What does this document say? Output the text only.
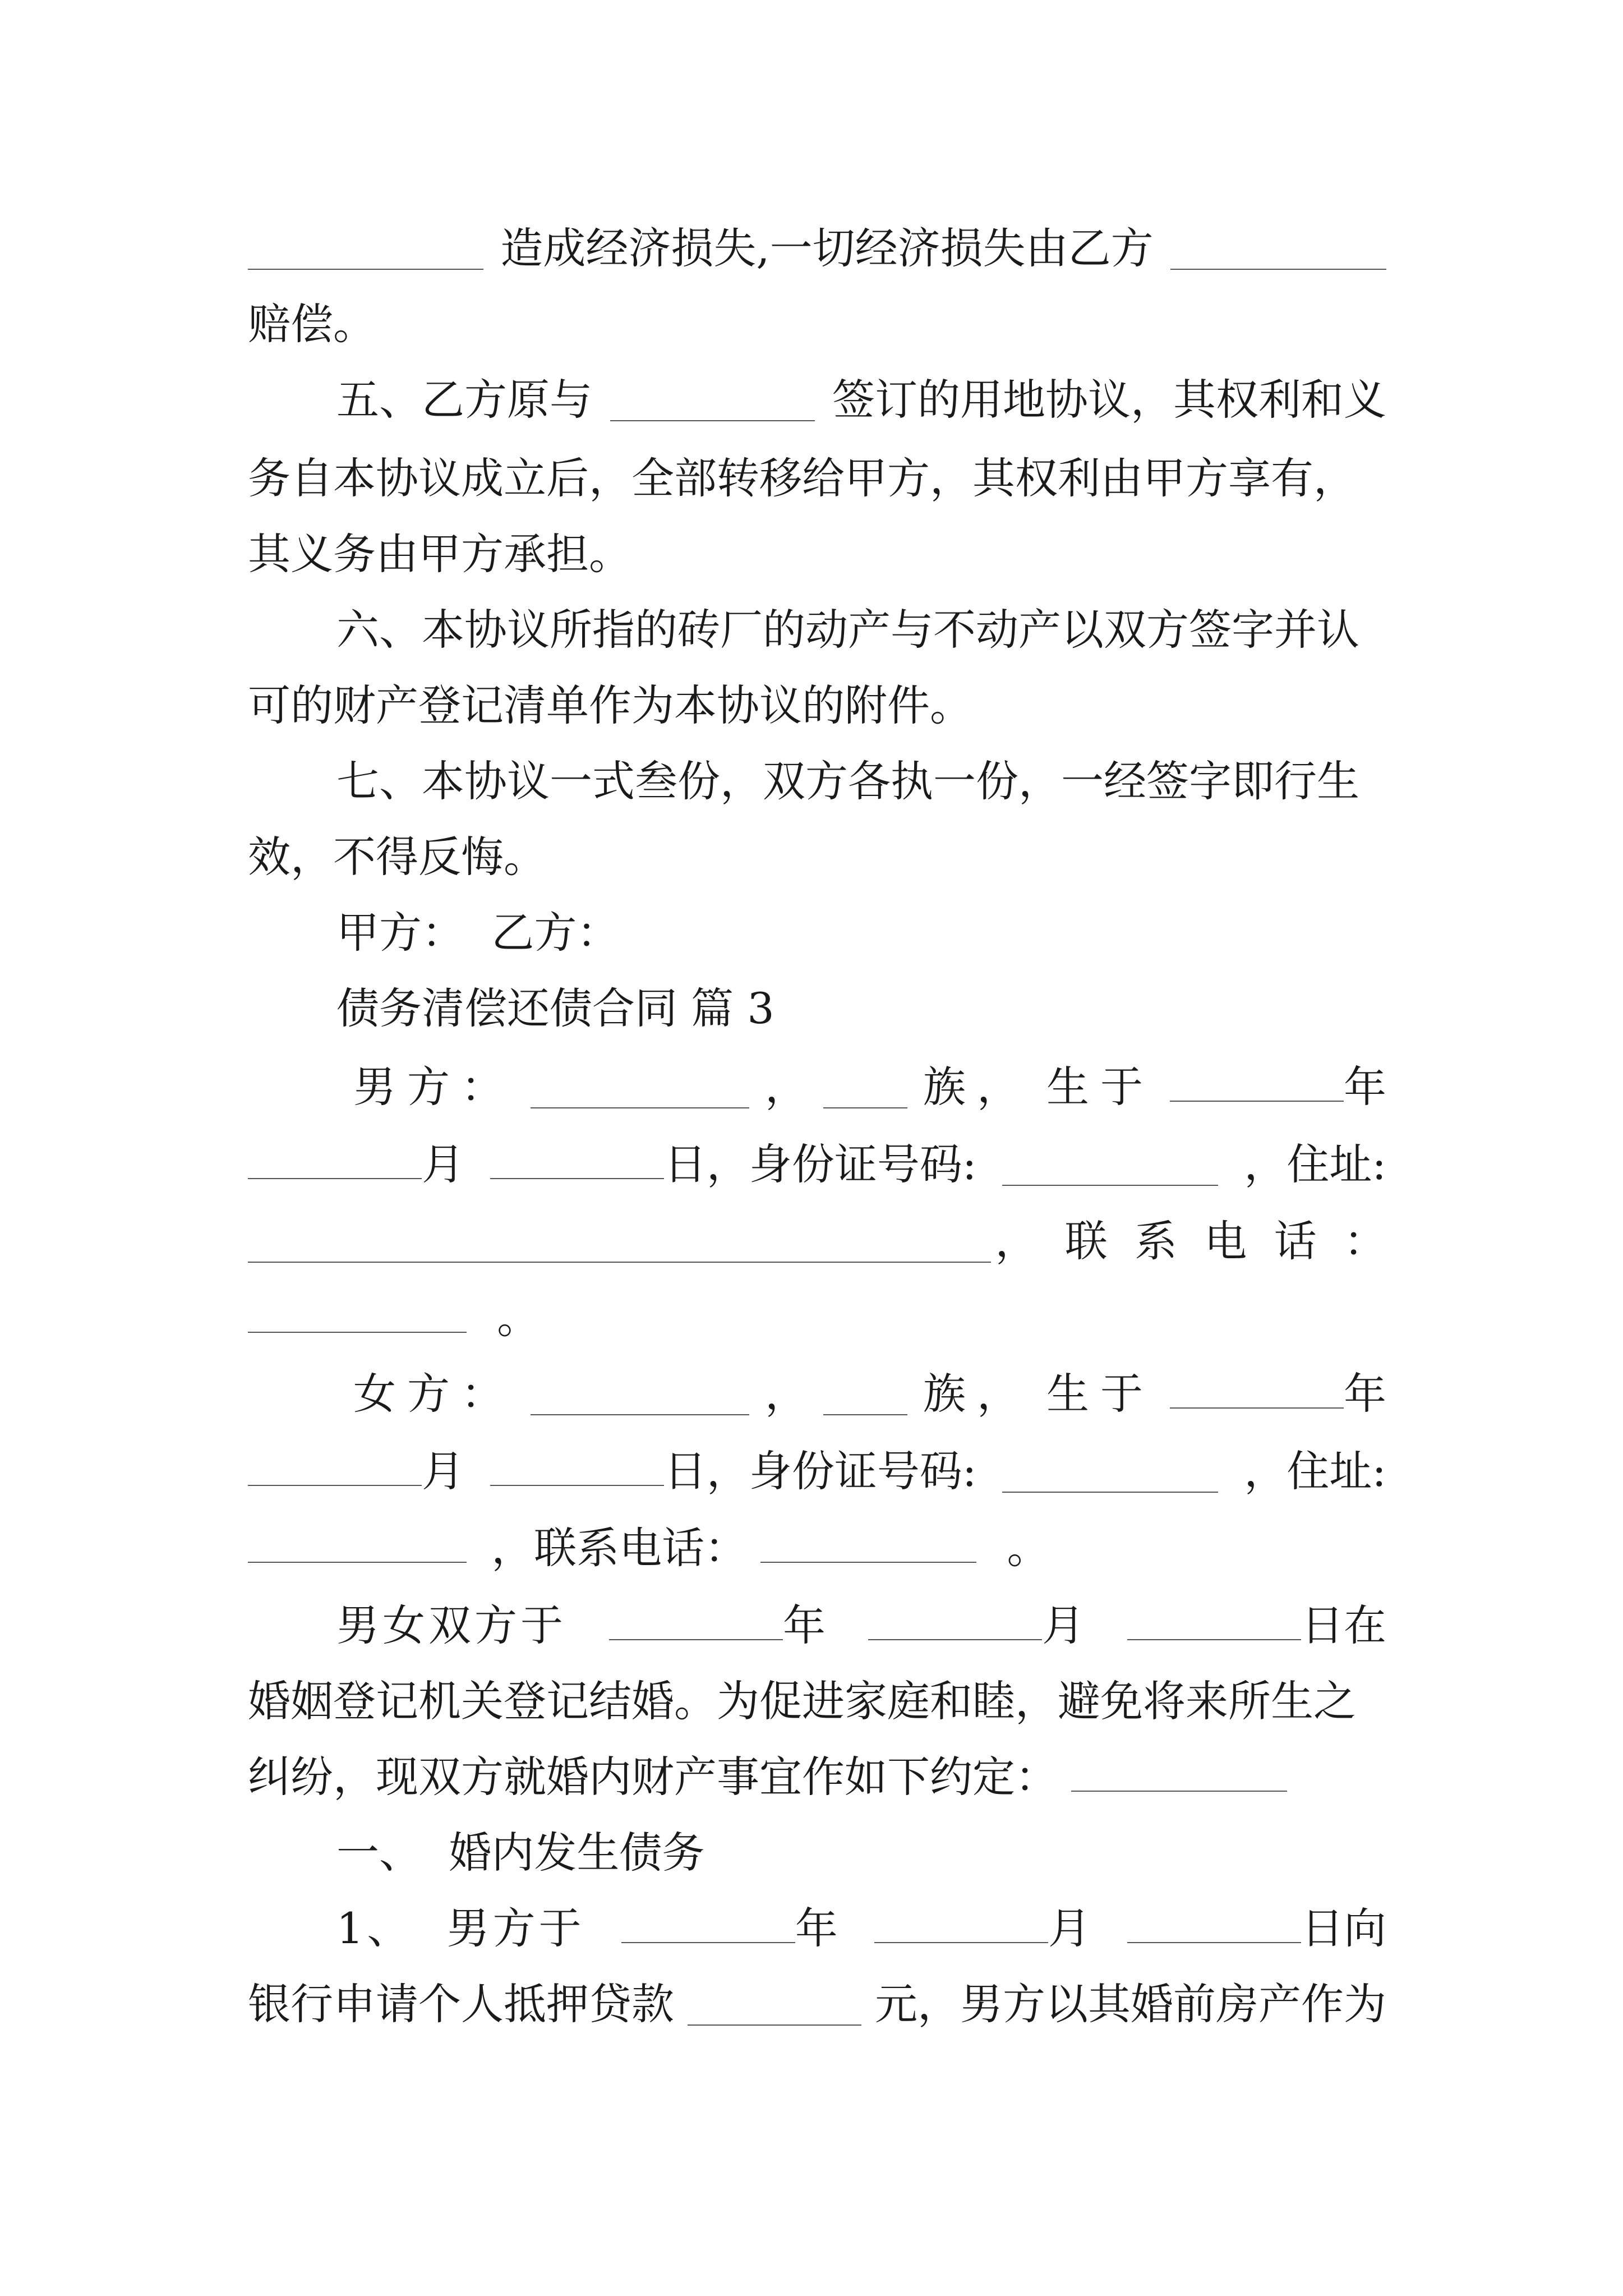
造成经济损失,一切经济损失由乙方
赔偿。
五、乙方原与	签订的用地协议，其权利和义
务自本协议成立后，全部转移给甲方，其权利由甲方享有，
其义务由甲方承担。
六、本协议所指的砖厂的动产与不动产以双方签字并认
可的财产登记清单作为本协议的附件。
七、本协议一式叁份，双方各执一份，一经签字即行生
效，不得反悔。
甲方：  乙方：
债务清偿还债合同 篇 3
男方：	，	族， 生于	年
月	日，身份证号码:	，住址:
，  联  系  电  话  ：
。
女方：	，	族， 生于	年
月	日，身份证号码:	，住址:
，联系电话：	。
男女双方于	年	月	日在
婚姻登记机关登记结婚。为促进家庭和睦，避免将来所生之
纠纷，现双方就婚内财产事宜作如下约定：
一、  婚内发生债务
1、  男方于	年	月	日向
银行申请个人抵押贷款	元，男方以其婚前房产作为
